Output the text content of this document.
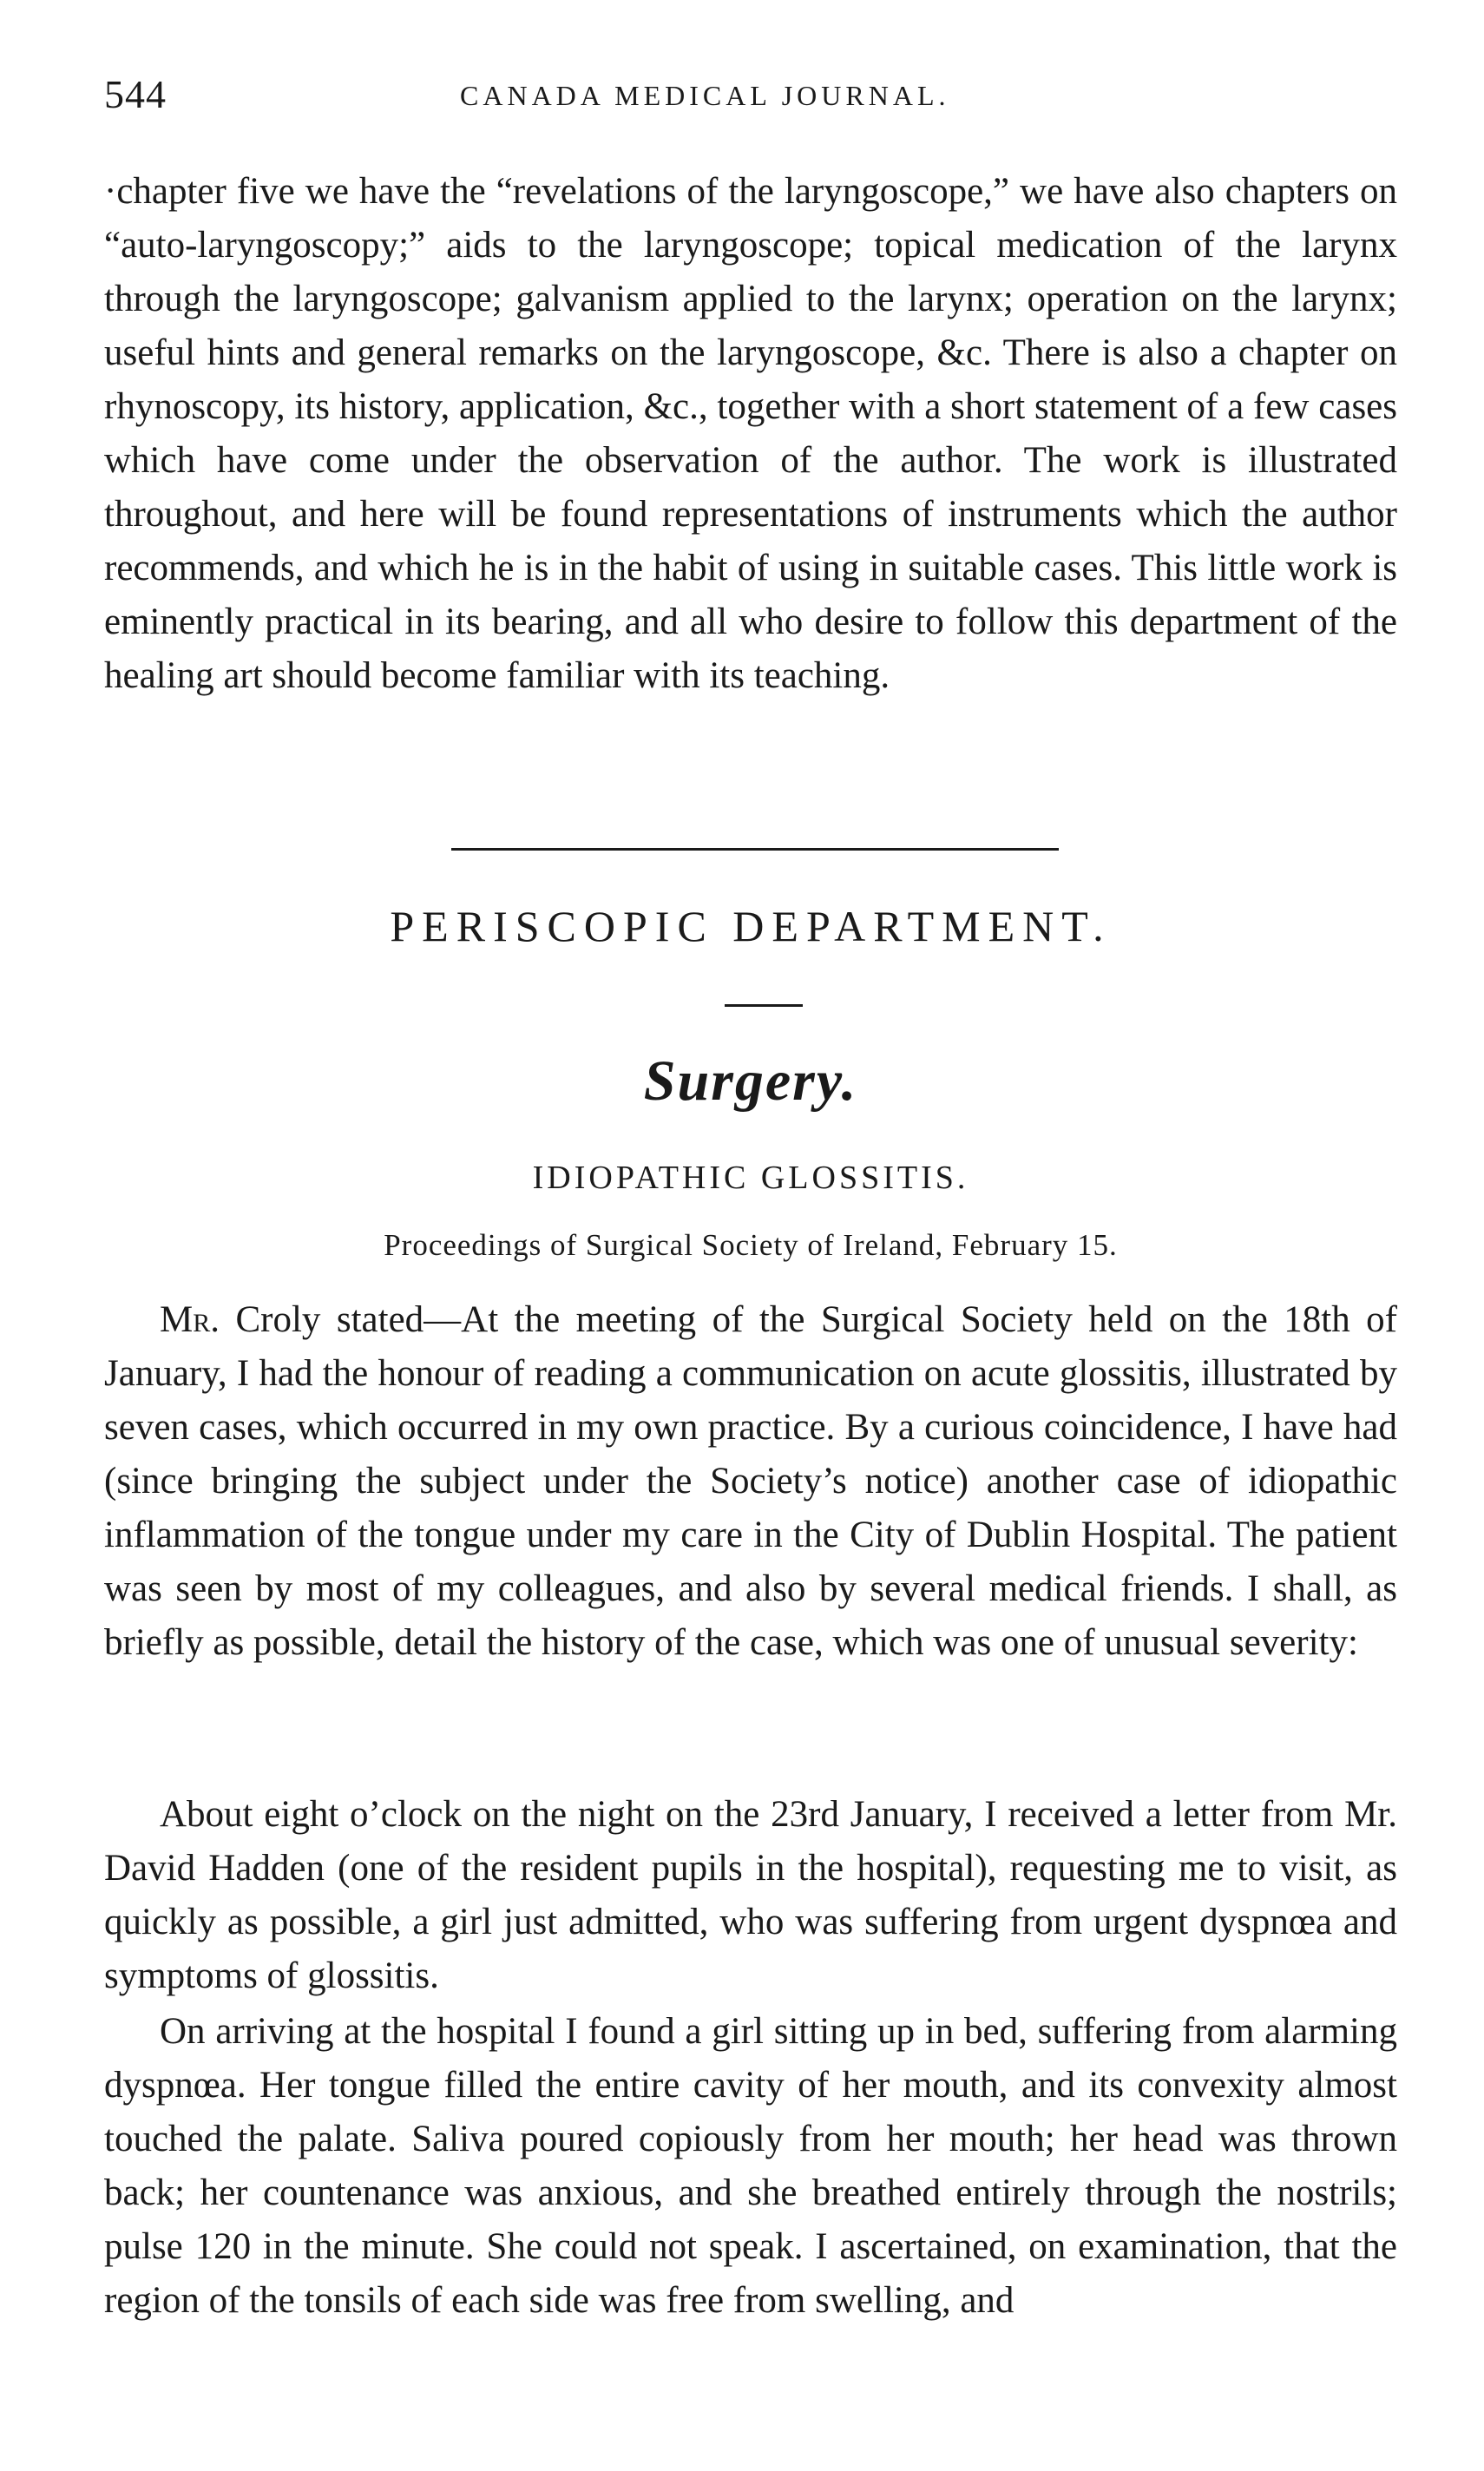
544	CANADA MEDICAL JOURNAL.

·chapter five we have the “revelations of the laryngoscope,” we have also chapters on “auto-laryngoscopy;” aids to the laryngoscope; topical medication of the larynx through the laryngoscope; galvanism applied to the larynx; operation on the larynx; useful hints and general remarks on the laryngoscope, &c. There is also a chapter on rhynoscopy, its history, application, &c., together with a short statement of a few cases which have come under the observation of the author. The work is illustrated throughout, and here will be found representations of instruments which the author recommends, and which he is in the habit of using in suitable cases. This little work is eminently practical in its bearing, and all who desire to follow this department of the healing art should become familiar with its teaching.

PERISCOPIC DEPARTMENT.
Surgery.
IDIOPATHIC GLOSSITIS.
Proceedings of Surgical Society of Ireland, February 15.

Mr. Croly stated—At the meeting of the Surgical Society held on the 18th of January, I had the honour of reading a communication on acute glossitis, illustrated by seven cases, which occurred in my own practice. By a curious coincidence, I have had (since bringing the subject under the Society’s notice) another case of idiopathic inflammation of the tongue under my care in the City of Dublin Hospital. The patient was seen by most of my colleagues, and also by several medical friends. I shall, as briefly as possible, detail the history of the case, which was one of unusual severity:

About eight o’clock on the night on the 23rd January, I received a letter from Mr. David Hadden (one of the resident pupils in the hospital), requesting me to visit, as quickly as possible, a girl just admitted, who was suffering from urgent dyspnœa and symptoms of glossitis.

On arriving at the hospital I found a girl sitting up in bed, suffering from alarming dyspnœa. Her tongue filled the entire cavity of her mouth, and its convexity almost touched the palate. Saliva poured copiously from her mouth; her head was thrown back; her countenance was anxious, and she breathed entirely through the nostrils; pulse 120 in the minute. She could not speak. I ascertained, on examination, that the region of the tonsils of each side was free from swelling, and
